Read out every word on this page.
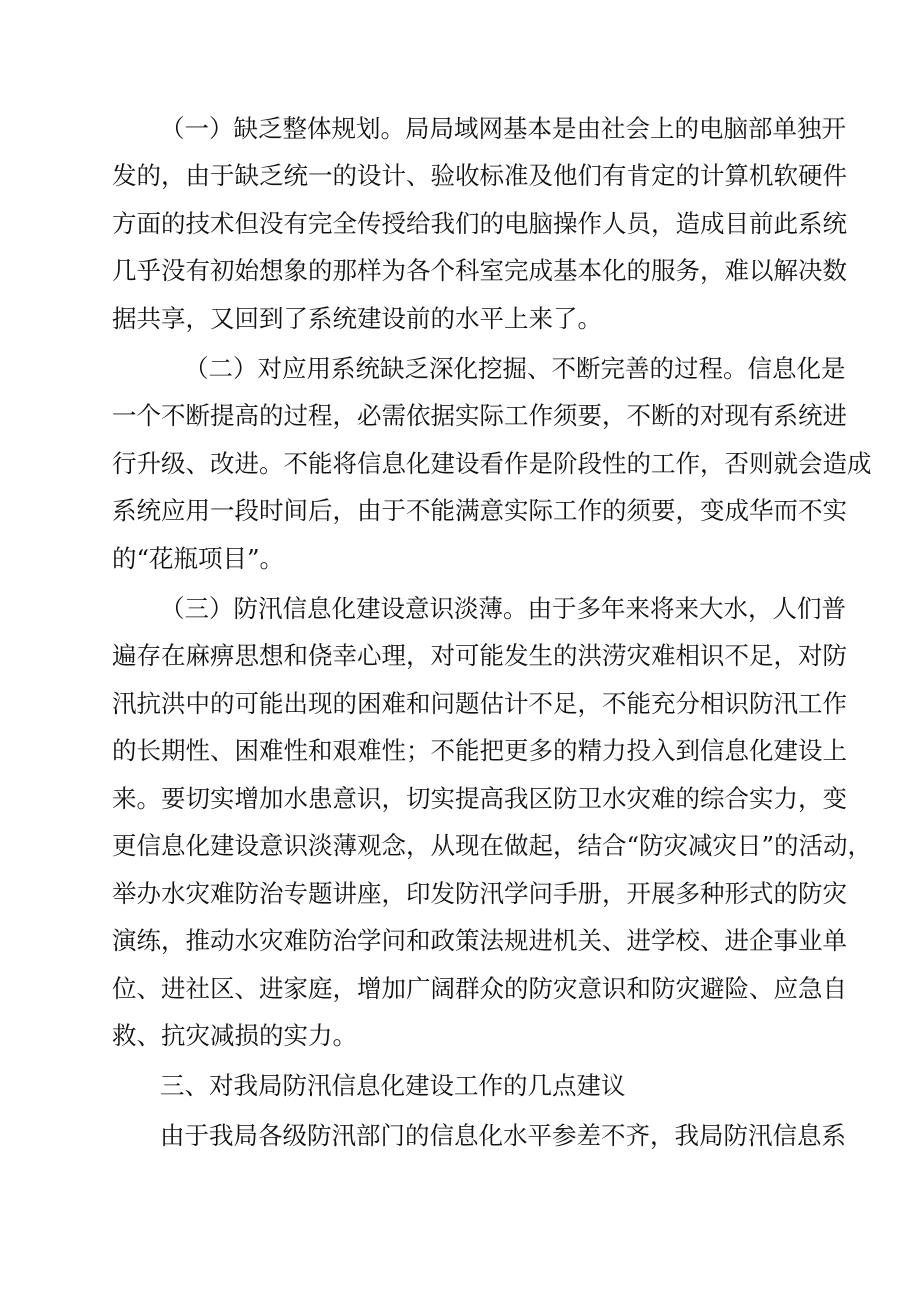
（一）缺乏整体规划。局局域网基本是由社会上的电脑部单独开

发的，由于缺乏统一的设计、验收标准及他们有肯定的计算机软硬件

方面的技术但没有完全传授给我们的电脑操作人员，造成目前此系统

几乎没有初始想象的那样为各个科室完成基本化的服务，难以解决数

据共享，又回到了系统建设前的水平上来了。

（二）对应用系统缺乏深化挖掘、不断完善的过程。信息化是

一个不断提高的过程，必需依据实际工作须要，不断的对现有系统进

行升级、改进。不能将信息化建设看作是阶段性的工作，否则就会造成

系统应用一段时间后，由于不能满意实际工作的须要，变成华而不实

的“花瓶项目”。

（三）防汛信息化建设意识淡薄。由于多年来将来大水，人们普

遍存在麻痹思想和侥幸心理，对可能发生的洪涝灾难相识不足，对防

汛抗洪中的可能出现的困难和问题估计不足，不能充分相识防汛工作

的长期性、困难性和艰难性；不能把更多的精力投入到信息化建设上

来。要切实增加水患意识，切实提高我区防卫水灾难的综合实力，变

更信息化建设意识淡薄观念，从现在做起，结合“防灾减灾日”的活动，

举办水灾难防治专题讲座，印发防汛学问手册，开展多种形式的防灾

演练，推动水灾难防治学问和政策法规进机关、进学校、进企事业单

位、进社区、进家庭，增加广阔群众的防灾意识和防灾避险、应急自

救、抗灾减损的实力。

三、对我局防汛信息化建设工作的几点建议

由于我局各级防汛部门的信息化水平参差不齐，我局防汛信息系
